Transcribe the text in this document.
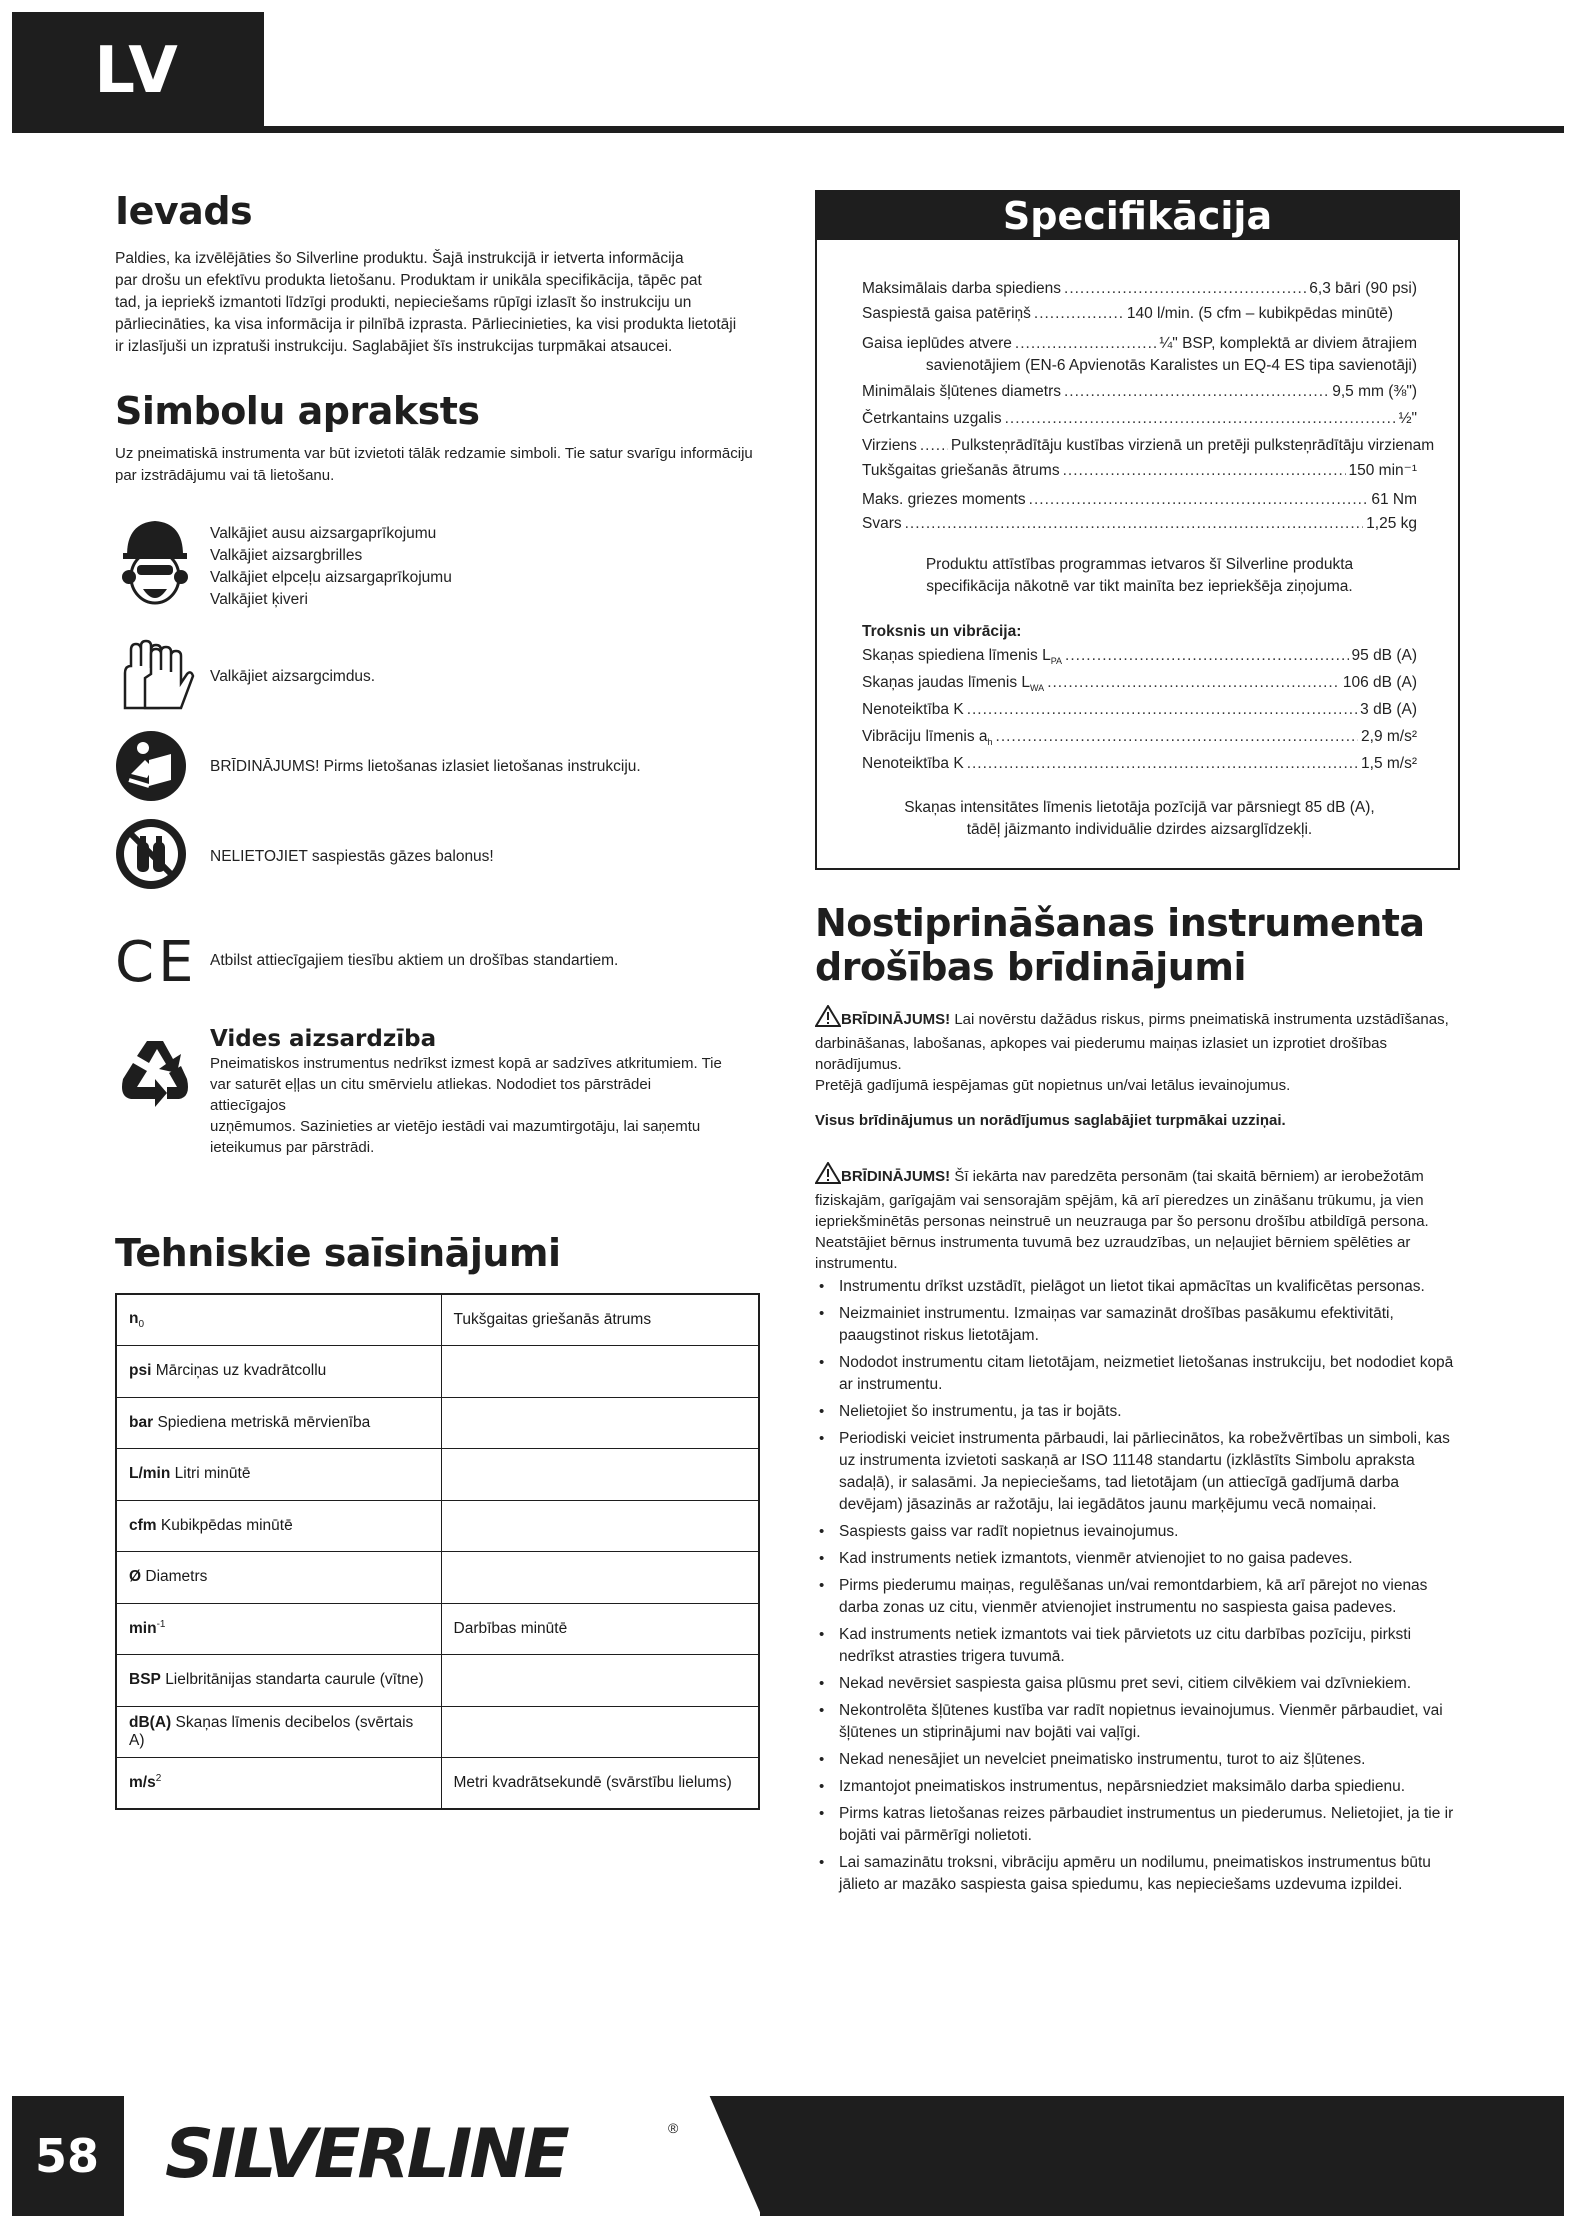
LV
Ievads
Paldies, ka izvēlējāties šo Silverline produktu. Šajā instrukcijā ir ietverta informācija
par drošu un efektīvu produkta lietošanu. Produktam ir unikāla specifikācija, tāpēc pat
tad, ja iepriekš izmantoti līdzīgi produkti, nepieciešams rūpīgi izlasīt šo instrukciju un
pārliecināties, ka visa informācija ir pilnībā izprasta. Pārliecinieties, ka visi produkta lietotāji
ir izlasījuši un izpratuši instrukciju. Saglabājiet šīs instrukcijas turpmākai atsaucei.
Simbolu apraksts
Uz pneimatiskā instrumenta var būt izvietoti tālāk redzamie simboli. Tie satur svarīgu informāciju
par izstrādājumu vai tā lietošanu.
Valkājiet ausu aizsargaprīkojumu
Valkājiet aizsargbrilles
Valkājiet elpceļu aizsargaprīkojumu
Valkājiet ķiveri
Valkājiet aizsargcimdus.
BRĪDINĀJUMS! Pirms lietošanas izlasiet lietošanas instrukciju.
NELIETOJIET saspiestās gāzes balonus!
CE Atbilst attiecīgajiem tiesību aktiem un drošības standartiem.
Vides aizsardzība
Pneimatiskos instrumentus nedrīkst izmest kopā ar sadzīves atkritumiem. Tie
var saturēt eļļas un citu smērvielu atliekas. Nododiet tos pārstrādei attiecīgajos
uzņēmumos. Sazinieties ar vietējo iestādi vai mazumtirgotāju, lai saņemtu
ieteikumus par pārstrādi.
Tehniskie saīsinājumi
$n_0$	Tukšgaitas griešanās ātrums
psi Mārciņas uz kvadrātcollu	
bar Spiediena metriskā mērvienība	
L/min Litri minūtē	
cfm Kubikpēdas minūtē	
Ø Diametrs	
$\min^{-1}$	Darbības minūtē
BSP Lielbritānijas standarta caurule (vītne)	
dB(A) Skaņas līmenis decibelos (svērtais A)	
$m/s^2$	Metri kvadrātsekundē (svārstību lielums)
Specifikācija
Maksimālais darba spiediens .....	6,3 bāri (90 psi)
Saspiestā gaisa patēriņš .....	140 l/min. (5 cfm – kubikpēdas minūtē)
Gaisa ieplūdes atvere .....	¼" BSP, komplektā ar diviem ātrajiem
savienotājiem (EN-6 Apvienotās Karalistes un EQ-4 ES tipa savienotāji)
Minimālais šļūtenes diametrs .....	9,5 mm (⅜")
Četrkantains uzgalis .....	½"
Virziens ..... Pulksteņrādītāju kustības virzienā un pretēji pulksteņrādītāju virzienam
Tukšgaitas griešanās ātrums .....	150 min⁻¹
Maks. griezes moments .....	61 Nm
Svars .....	1,25 kg
Produktu attīstības programmas ietvaros šī Silverline produkta
specifikācija nākotnē var tikt mainīta bez iepriekšēja ziņojuma.
Troksnis un vibrācija:
Skaņas spiediena līmenis $L_{PA}$ .....	95 dB (A)
Skaņas jaudas līmenis $L_{WA}$ .....	106 dB (A)
Nenoteiktība K .....	3 dB (A)
Vibrāciju līmenis $a_h$ .....	2,9 m/s²
Nenoteiktība K .....	1,5 m/s²
Skaņas intensitātes līmenis lietotāja pozīcijā var pārsniegt 85 dB (A),
tādēļ jāizmanto individuālie dzirdes aizsarglīdzekļi.
Nostiprināšanas instrumenta
drošības brīdinājumi
BRĪDINĀJUMS! Lai novērstu dažādus riskus, pirms pneimatiskā instrumenta uzstādīšanas,
darbināšanas, labošanas, apkopes vai piederumu maiņas izlasiet un izprotiet drošības norādījumus.
Pretējā gadījumā iespējamas gūt nopietnus un/vai letālus ievainojumus.
Visus brīdinājumus un norādījumus saglabājiet turpmākai uzziņai.
BRĪDINĀJUMS! Šī iekārta nav paredzēta personām (tai skaitā bērniem) ar ierobežotām
fiziskajām, garīgajām vai sensorajām spējām, kā arī pieredzes un zināšanu trūkumu, ja vien
iepriekšminētās personas neinstruē un neuzrauga par šo personu drošību atbildīgā persona.
Neatstājiet bērnus instrumenta tuvumā bez uzraudzības, un neļaujiet bērniem spēlēties ar
instrumentu.
• Instrumentu drīkst uzstādīt, pielāgot un lietot tikai apmācītas un kvalificētas personas.
• Neizmainiet instrumentu. Izmaiņas var samazināt drošības pasākumu efektivitāti, paaugstinot riskus lietotājam.
• Nododot instrumentu citam lietotājam, neizmetiet lietošanas instrukciju, bet nododiet kopā ar instrumentu.
• Nelietojiet šo instrumentu, ja tas ir bojāts.
• Periodiski veiciet instrumenta pārbaudi, lai pārliecinātos, ka robežvērtības un simboli, kas uz instrumenta izvietoti saskaņā ar ISO 11148 standartu (izklāstīts Simbolu apraksta sadaļā), ir salasāmi. Ja nepieciešams, tad lietotājam (un attiecīgā gadījumā darba devējam) jāsazinās ar ražotāju, lai iegādātos jaunu marķējumu vecā nomaiņai.
• Saspiests gaiss var radīt nopietnus ievainojumus.
• Kad instruments netiek izmantots, vienmēr atvienojiet to no gaisa padeves.
• Pirms piederumu maiņas, regulēšanas un/vai remontdarbiem, kā arī pārejot no vienas darba zonas uz citu, vienmēr atvienojiet instrumentu no saspiesta gaisa padeves.
• Kad instruments netiek izmantots vai tiek pārvietots uz citu darbības pozīciju, pirksti nedrīkst atrasties trigera tuvumā.
• Nekad nevērsiet saspiesta gaisa plūsmu pret sevi, citiem cilvēkiem vai dzīvniekiem.
• Nekontrolēta šļūtenes kustība var radīt nopietnus ievainojumus. Vienmēr pārbaudiet, vai šļūtenes un stiprinājumi nav bojāti vai vaļīgi.
• Nekad nenesājiet un nevelciet pneimatisko instrumentu, turot to aiz šļūtenes.
• Izmantojot pneimatiskos instrumentus, nepārsniedziet maksimālo darba spiedienu.
• Pirms katras lietošanas reizes pārbaudiet instrumentus un piederumus. Nelietojiet, ja tie ir bojāti vai pārmērīgi nolietoti.
• Lai samazinātu troksni, vibrāciju apmēru un nodilumu, pneimatiskos instrumentus būtu jālieto ar mazāko saspiesta gaisa spiedumu, kas nepieciešams uzdevuma izpildei.
58 SILVERLINE	®
